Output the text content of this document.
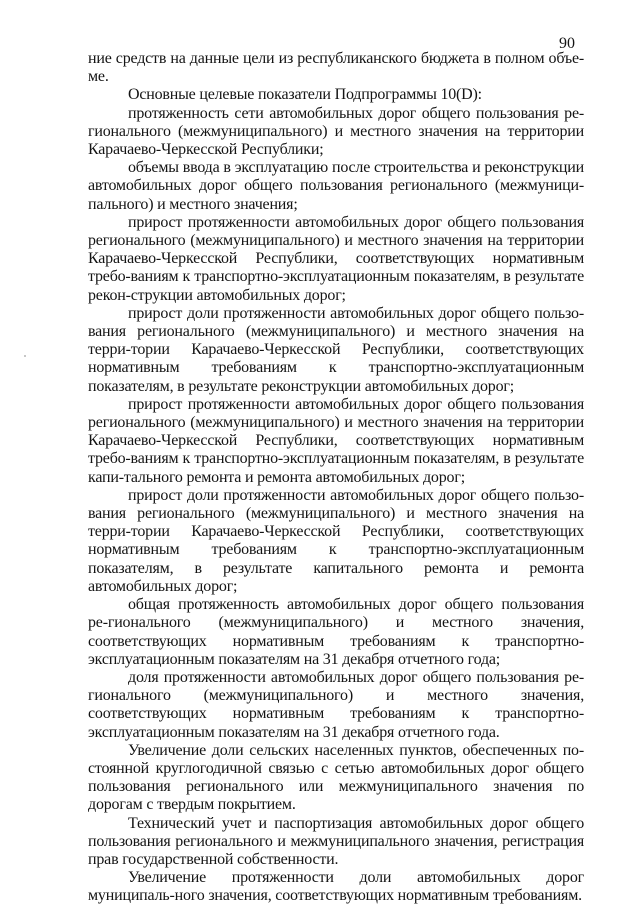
90

ние средств на данные цели из республиканского бюджета в полном объе-ме.

Основные целевые показатели Подпрограммы 10(D):

протяженность сети автомобильных дорог общего пользования ре-гионального (межмуниципального) и местного значения на территории Карачаево-Черкесской Республики;

объемы ввода в эксплуатацию после строительства и реконструкции автомобильных дорог общего пользования регионального (межмуници-пального) и местного значения;

прирост протяженности автомобильных дорог общего пользования регионального (межмуниципального) и местного значения на территории Карачаево-Черкесской Республики, соответствующих нормативным требо-ваниям к транспортно-эксплуатационным показателям, в результате рекон-струкции автомобильных дорог;

прирост доли протяженности автомобильных дорог общего пользо-вания регионального (межмуниципального) и местного значения на терри-тории Карачаево-Черкесской Республики, соответствующих нормативным требованиям к транспортно-эксплуатационным показателям, в результате реконструкции автомобильных дорог;

прирост протяженности автомобильных дорог общего пользования регионального (межмуниципального) и местного значения на территории Карачаево-Черкесской Республики, соответствующих нормативным требо-ваниям к транспортно-эксплуатационным показателям, в результате капи-тального ремонта и ремонта автомобильных дорог;

прирост доли протяженности автомобильных дорог общего пользо-вания регионального (межмуниципального) и местного значения на терри-тории Карачаево-Черкесской Республики, соответствующих нормативным требованиям к транспортно-эксплуатационным показателям, в результате капитального ремонта и ремонта автомобильных дорог;

общая протяженность автомобильных дорог общего пользования ре-гионального (межмуниципального) и местного значения, соответствующих нормативным требованиям к транспортно-эксплуатационным показателям на 31 декабря отчетного года;

доля протяженности автомобильных дорог общего пользования ре-гионального (межмуниципального) и местного значения, соответствующих нормативным требованиям к транспортно-эксплуатационным показателям на 31 декабря отчетного года.

Увеличение доли сельских населенных пунктов, обеспеченных по-стоянной круглогодичной связью с сетью автомобильных дорог общего пользования регионального или межмуниципального значения по дорогам с твердым покрытием.

Технический учет и паспортизация автомобильных дорог общего пользования регионального и межмуниципального значения, регистрация прав государственной собственности.

Увеличение протяженности доли автомобильных дорог муниципаль-ного значения, соответствующих нормативным требованиям.
